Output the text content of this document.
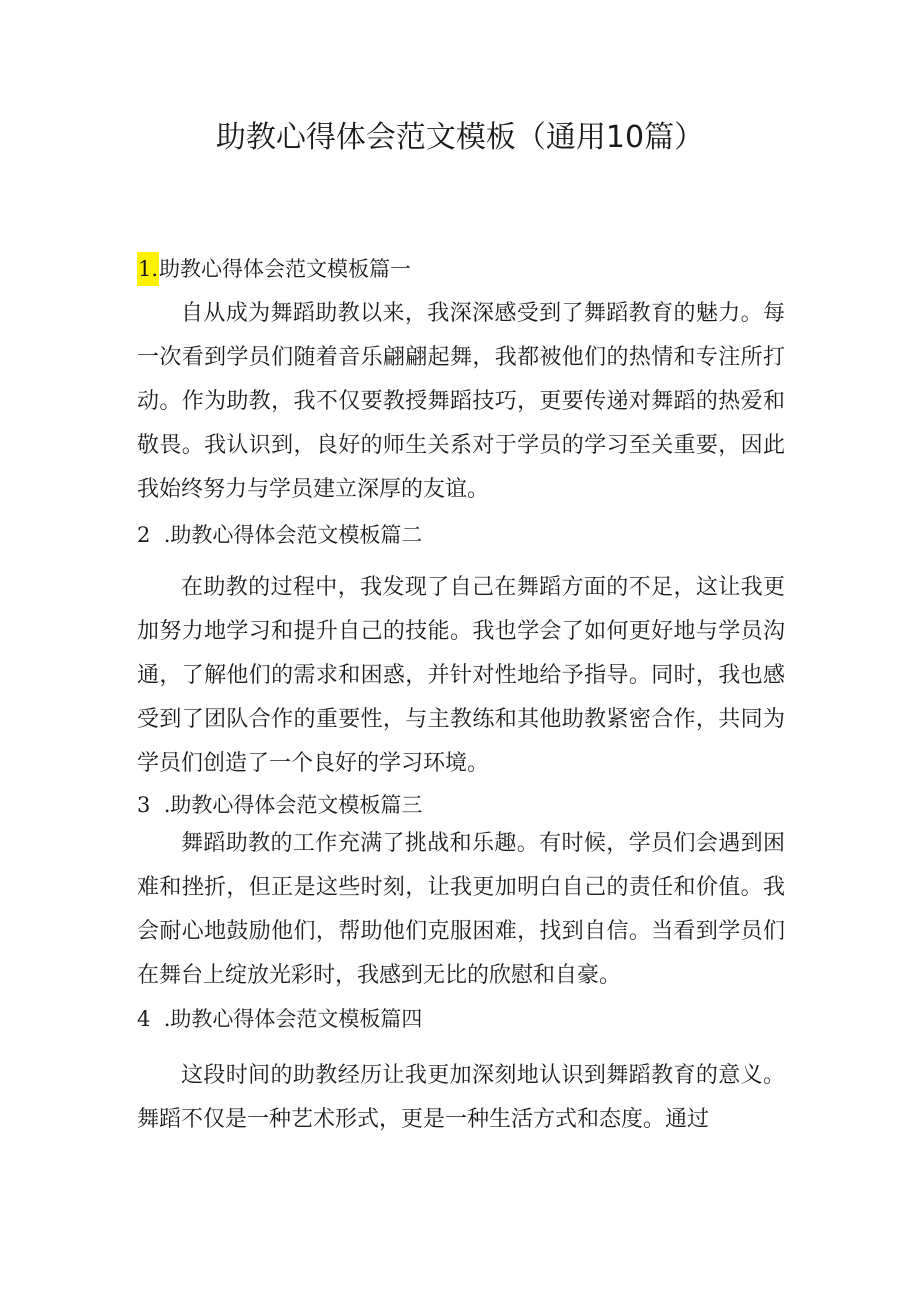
助教心得体会范文模板（通用10篇）

1.助教心得体会范文模板篇一

自从成为舞蹈助教以来，我深深感受到了舞蹈教育的魅力。每一次看到学员们随着音乐翩翩起舞，我都被他们的热情和专注所打动。作为助教，我不仅要教授舞蹈技巧，更要传递对舞蹈的热爱和敬畏。我认识到，良好的师生关系对于学员的学习至关重要，因此我始终努力与学员建立深厚的友谊。

2  .助教心得体会范文模板篇二

在助教的过程中，我发现了自己在舞蹈方面的不足，这让我更加努力地学习和提升自己的技能。我也学会了如何更好地与学员沟通，了解他们的需求和困惑，并针对性地给予指导。同时，我也感受到了团队合作的重要性，与主教练和其他助教紧密合作，共同为学员们创造了一个良好的学习环境。

3  .助教心得体会范文模板篇三

舞蹈助教的工作充满了挑战和乐趣。有时候，学员们会遇到困难和挫折，但正是这些时刻，让我更加明白自己的责任和价值。我会耐心地鼓励他们，帮助他们克服困难，找到自信。当看到学员们在舞台上绽放光彩时，我感到无比的欣慰和自豪。

4  .助教心得体会范文模板篇四

这段时间的助教经历让我更加深刻地认识到舞蹈教育的意义。舞蹈不仅是一种艺术形式，更是一种生活方式和态度。通过
